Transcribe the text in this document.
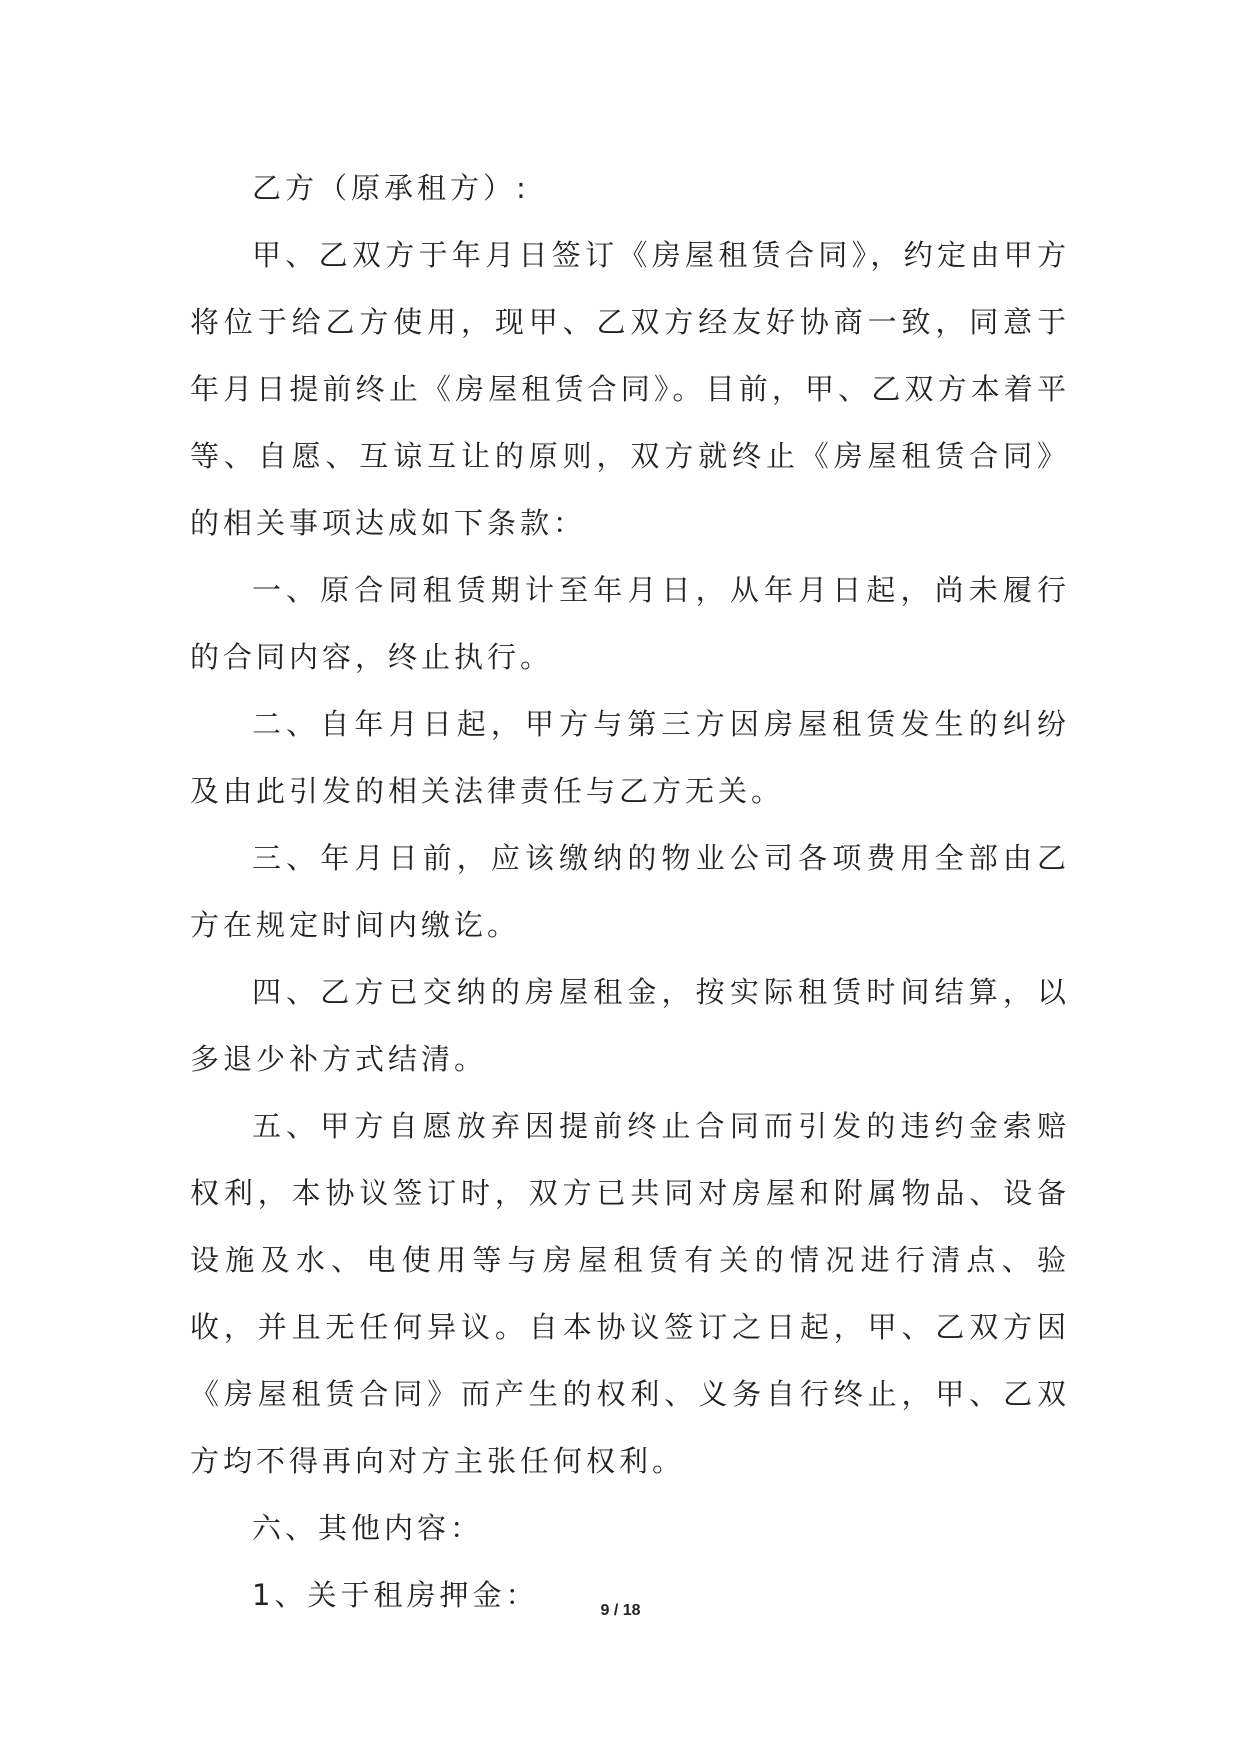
乙方（原承租方）:

甲、乙双方于年月日签订《房屋租赁合同》，约定由甲方将位于给乙方使用，现甲、乙双方经友好协商一致，同意于年月日提前终止《房屋租赁合同》。目前，甲、乙双方本着平等、自愿、互谅互让的原则，双方就终止《房屋租赁合同》的相关事项达成如下条款：

一、原合同租赁期计至年月日，从年月日起，尚未履行的合同内容，终止执行。

二、自年月日起，甲方与第三方因房屋租赁发生的纠纷及由此引发的相关法律责任与乙方无关。

三、年月日前，应该缴纳的物业公司各项费用全部由乙方在规定时间内缴讫。

四、乙方已交纳的房屋租金，按实际租赁时间结算，以多退少补方式结清。

五、甲方自愿放弃因提前终止合同而引发的违约金索赔权利，本协议签订时，双方已共同对房屋和附属物品、设备设施及水、电使用等与房屋租赁有关的情况进行清点、验收，并且无任何异议。自本协议签订之日起，甲、乙双方因《房屋租赁合同》而产生的权利、义务自行终止，甲、乙双方均不得再向对方主张任何权利。

六、其他内容：

1、关于租房押金：	9 / 18
